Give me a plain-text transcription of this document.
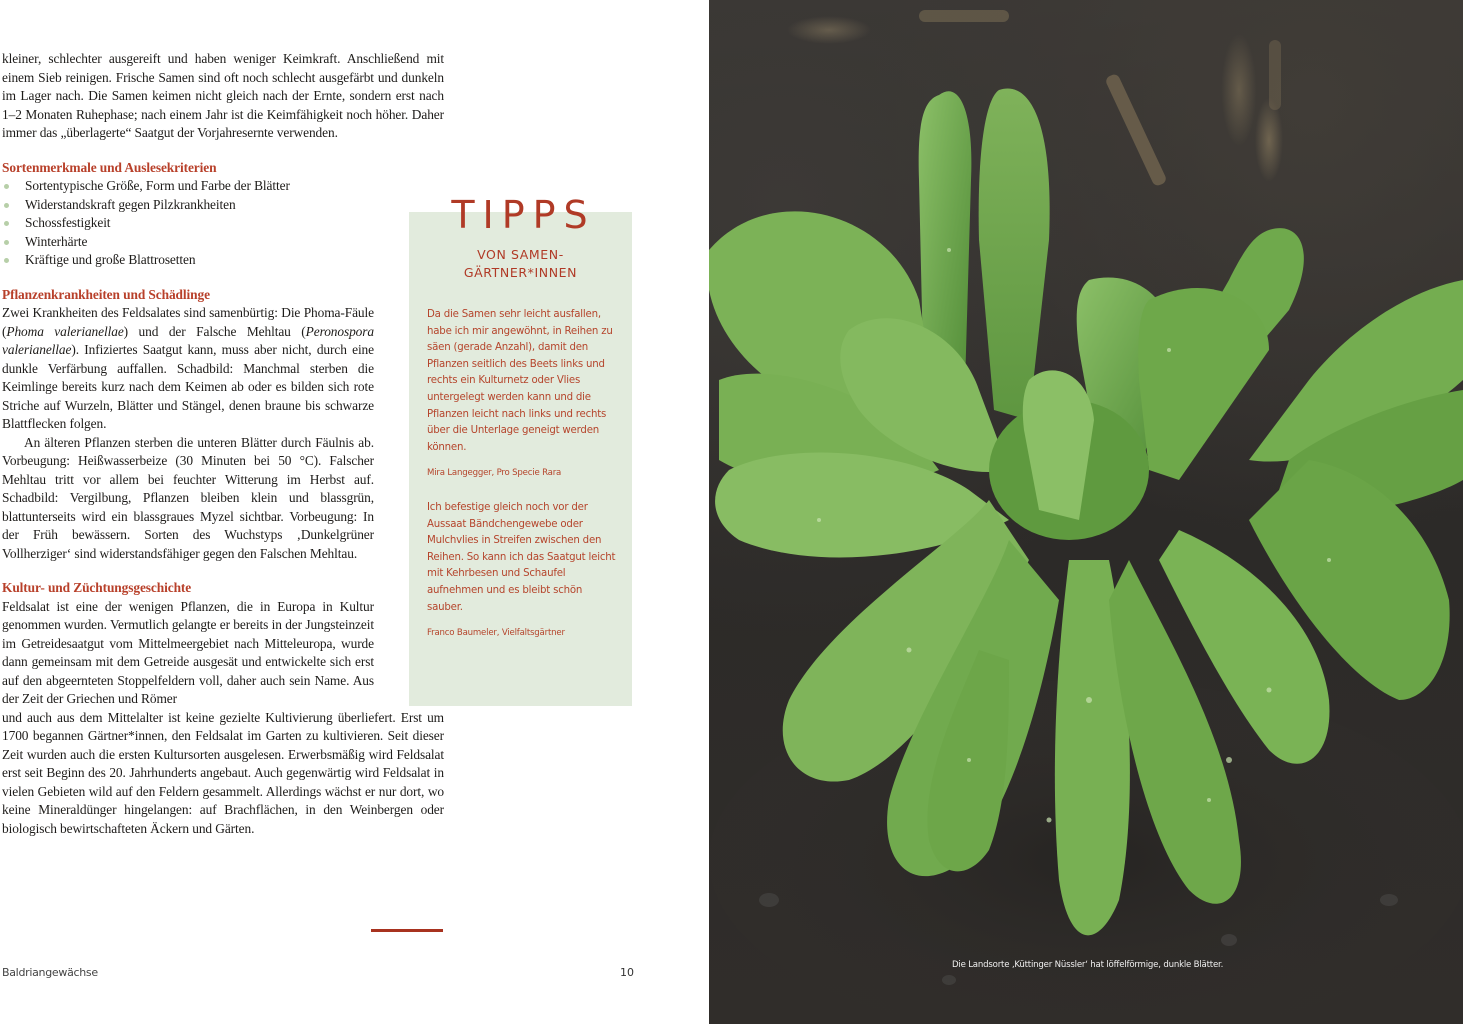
kleiner, schlechter ausgereift und haben weniger Keimkraft. Anschließend mit einem Sieb reinigen. Frische Samen sind oft noch schlecht ausgefärbt und dunkeln im Lager nach. Die Samen keimen nicht gleich nach der Ernte, sondern erst nach 1–2 Monaten Ruhephase; nach einem Jahr ist die Keimfähigkeit noch höher. Daher immer das „überlagerte“ Saatgut der Vorjahresernte verwenden.

Sortenmerkmale und Auslesekriterien
Sortentypische Größe, Form und Farbe der Blätter
Widerstandskraft gegen Pilzkrankheiten
Schossfestigkeit
Winterhärte
Kräftige und große Blattrosetten
Pflanzenkrankheiten und Schädlinge

Zwei Krankheiten des Feldsalates sind samenbürtig: Die Phoma-Fäule (Phoma valerianellae) und der Falsche Mehltau (Peronospora valerianellae). Infiziertes Saatgut kann, muss aber nicht, durch eine dunkle Verfärbung auffallen. Schadbild: Manchmal sterben die Keimlinge bereits kurz nach dem Keimen ab oder es bilden sich rote Striche auf Wurzeln, Blätter und Stängel, denen braune bis schwarze Blattflecken folgen.

An älteren Pflanzen sterben die unteren Blätter durch Fäulnis ab. Vorbeugung: Heißwasserbeize (30 Minuten bei 50 °C). Falscher Mehltau tritt vor allem bei feuchter Witterung im Herbst auf. Schadbild: Vergilbung, Pflanzen bleiben klein und blassgrün, blattunterseits wird ein blassgraues Myzel sichtbar. Vorbeugung: In der Früh bewässern. Sorten des Wuchstyps ‚Dunkelgrüner Vollherziger‘ sind widerstandsfähiger gegen den Falschen Mehltau.

Kultur- und Züchtungsgeschichte

Feldsalat ist eine der wenigen Pflanzen, die in Europa in Kultur genommen wurden. Vermutlich gelangte er bereits in der Jungsteinzeit im Getreidesaatgut vom Mittelmeergebiet nach Mitteleuropa, wurde dann gemeinsam mit dem Getreide ausgesät und entwickelte sich erst auf den abgeernteten Stoppelfeldern voll, daher auch sein Name. Aus der Zeit der Griechen und Römer

und auch aus dem Mittelalter ist keine gezielte Kultivierung überliefert. Erst um 1700 begannen Gärtner*innen, den Feldsalat im Garten zu kultivieren. Seit dieser Zeit wurden auch die ersten Kultursorten ausgelesen. Erwerbsmäßig wird Feldsalat erst seit Beginn des 20. Jahrhunderts angebaut. Auch gegenwärtig wird Feldsalat in vielen Gebieten wild auf den Feldern gesammelt. Allerdings wächst er nur dort, wo keine Mineraldünger hingelangen: auf Brachflächen, in den Weinbergen oder biologisch bewirtschafteten Äckern und Gärten.

TIPPS
VON SAMEN-
GÄRTNER*INNEN

Da die Samen sehr leicht ausfallen, habe ich mir angewöhnt, in Reihen zu säen (gerade Anzahl), damit den Pflanzen seitlich des Beets links und rechts ein Kulturnetz oder Vlies untergelegt werden kann und die Pflanzen leicht nach links und rechts über die Unterlage geneigt werden können.

Mira Langegger, Pro Specie Rara

Ich befestige gleich noch vor der Aussaat Bändchengewebe oder Mulchvlies in Streifen zwischen den Reihen. So kann ich das Saatgut leicht mit Kehrbesen und Schaufel aufnehmen und es bleibt schön sauber.

Franco Baumeler, Vielfaltsgärtner

Baldriangewächse	10
Die Landsorte ‚Küttinger Nüssler‘ hat löffelförmige, dunkle Blätter.
